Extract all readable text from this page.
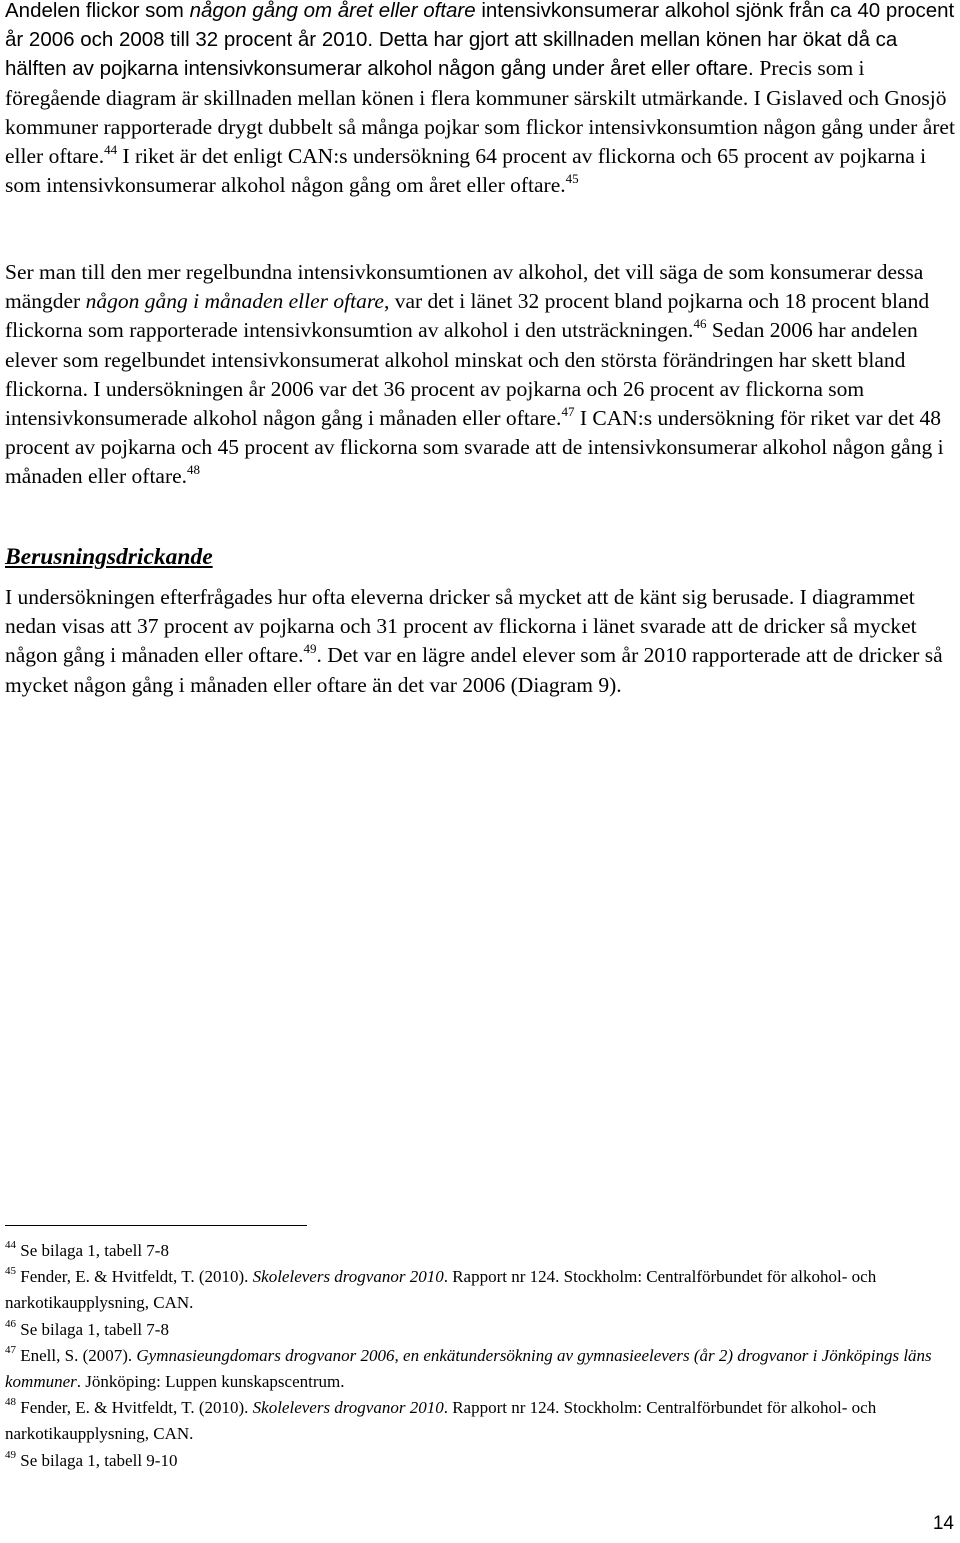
Andelen flickor som någon gång om året eller oftare intensivkonsumerar alkohol sjönk från ca 40 procent år 2006 och 2008 till 32 procent år 2010. Detta har gjort att skillnaden mellan könen har ökat då ca hälften av pojkarna intensivkonsumerar alkohol någon gång under året eller oftare. Precis som i föregående diagram är skillnaden mellan könen i flera kommuner särskilt utmärkande. I Gislaved och Gnosjö kommuner rapporterade drygt dubbelt så många pojkar som flickor intensivkonsumtion någon gång under året eller oftare.$^{44}$ I riket är det enligt CAN:s undersökning 64 procent av flickorna och 65 procent av pojkarna i som intensivkonsumerar alkohol någon gång om året eller oftare.$^{45}$

Ser man till den mer regelbundna intensivkonsumtionen av alkohol, det vill säga de som konsumerar dessa mängder någon gång i månaden eller oftare, var det i länet 32 procent bland pojkarna och 18 procent bland flickorna som rapporterade intensivkonsumtion av alkohol i den utsträckningen.$^{46}$ Sedan 2006 har andelen elever som regelbundet intensivkonsumerat alkohol minskat och den största förändringen har skett bland flickorna. I undersökningen år 2006 var det 36 procent av pojkarna och 26 procent av flickorna som intensivkonsumerade alkohol någon gång i månaden eller oftare.$^{47}$ I CAN:s undersökning för riket var det 48 procent av pojkarna och 45 procent av flickorna som svarade att de intensivkonsumerar alkohol någon gång i månaden eller oftare.$^{48}$

Berusningsdrickande

I undersökningen efterfrågades hur ofta eleverna dricker så mycket att de känt sig berusade. I diagrammet nedan visas att 37 procent av pojkarna och 31 procent av flickorna i länet svarade att de dricker så mycket någon gång i månaden eller oftare.$^{49}$. Det var en lägre andel elever som år 2010 rapporterade att de dricker så mycket någon gång i månaden eller oftare än det var 2006 (Diagram 9).

$^{44}$ Se bilaga 1, tabell 7-8

$^{45}$ Fender, E. & Hvitfeldt, T. (2010). Skolelevers drogvanor 2010. Rapport nr 124. Stockholm: Centralförbundet för alkohol- och narkotikaupplysning, CAN.

$^{46}$ Se bilaga 1, tabell 7-8

$^{47}$ Enell, S. (2007). Gymnasieungdomars drogvanor 2006, en enkätundersökning av gymnasieelevers (år 2) drogvanor i Jönköpings läns kommuner. Jönköping: Luppen kunskapscentrum.

$^{48}$ Fender, E. & Hvitfeldt, T. (2010). Skolelevers drogvanor 2010. Rapport nr 124. Stockholm: Centralförbundet för alkohol- och narkotikaupplysning, CAN.

$^{49}$ Se bilaga 1, tabell 9-10

14
